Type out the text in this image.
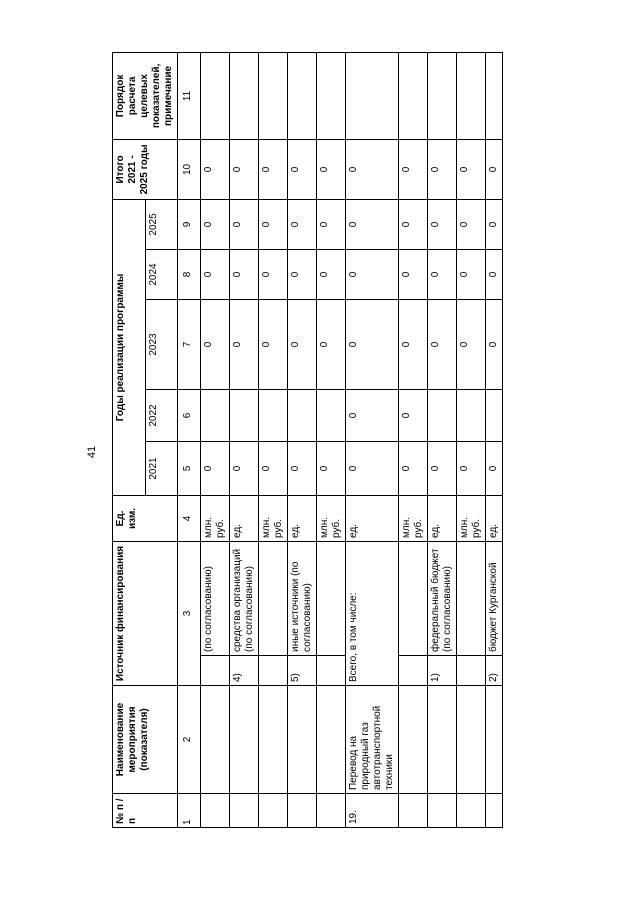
41
№ п / п	Наименование мероприятия (показателя)	Источник финансирования		Ед. изм.	Годы реализации программы					Итого 2021 - 2025 годы	Порядок расчета целевых показателей, примечание
					2021	2022	2023	2024	2025		
1	2	3		4	5	6	7	8	9	10	11
			(по согласованию)	млн. руб.	0		0	0	0	0	
		4)	средства организаций (по согласованию)	ед.	0		0	0	0	0	
				млн. руб.	0		0	0	0	0	
		5)	иные источники (по согласованию)	ед.	0		0	0	0	0	
				млн. руб.	0		0	0	0	0	
19.	Перевод на природный газ автотранспортной техники	Всего, в том числе:		ед.	0	0	0	0	0	0	
				млн. руб.	0	0	0	0	0	0	
		1)	федеральный бюджет (по согласованию)	ед.	0		0	0	0	0	
				млн. руб.	0		0	0	0	0	
		2)	бюджет Курганской	ед.	0		0	0	0	0	
